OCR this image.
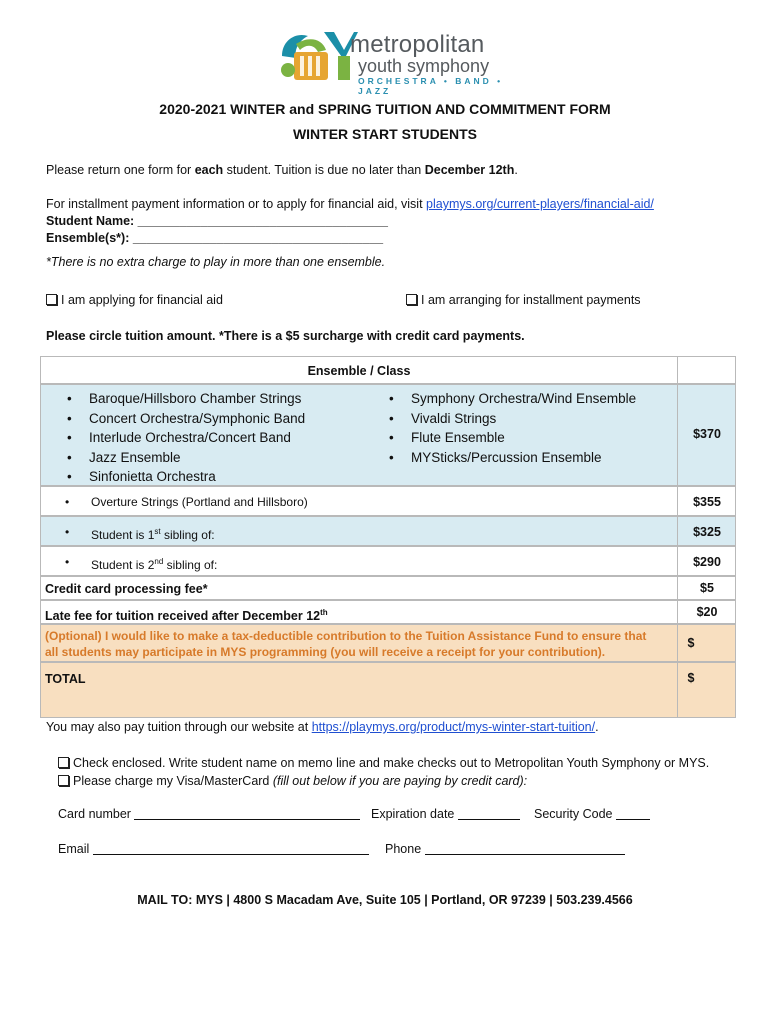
metropolitan
youth symphony
ORCHESTRA • BAND • JAZZ
2020-2021 WINTER and SPRING TUITION AND COMMITMENT FORM
WINTER START STUDENTS
Please return one form for each student. Tuition is due no later than December 12th.
For installment payment information or to apply for financial aid, visit playmys.org/current-players/financial-aid/
Student Name: ____________________________________
Ensemble(s*): ____________________________________
*There is no extra charge to play in more than one ensemble.
I am applying for financial aid	I am arranging for installment payments
Please circle tuition amount. *There is a $5 surcharge with credit card payments.
Ensemble / Class
• Baroque/Hillsboro Chamber Strings
• Concert Orchestra/Symphonic Band
• Interlude Orchestra/Concert Band
• Jazz Ensemble
• Sinfonietta Orchestra
• Symphony Orchestra/Wind Ensemble
• Vivaldi Strings
• Flute Ensemble
• MYSticks/Percussion Ensemble
$370
• Overture Strings (Portland and Hillsboro)	$355
• Student is 1st sibling of:	$325
• Student is 2nd sibling of:	$290
Credit card processing fee*	$5
Late fee for tuition received after December 12th	$20
(Optional) I would like to make a tax-deductible contribution to the Tuition Assistance Fund to ensure that
all students may participate in MYS programming (you will receive a receipt for your contribution).
$
TOTAL	$
You may also pay tuition through our website at https://playmys.org/product/mys-winter-start-tuition/.
Check enclosed. Write student name on memo line and make checks out to Metropolitan Youth Symphony or MYS.
Please charge my Visa/MasterCard (fill out below if you are paying by credit card):
Card number	Expiration date	Security Code
Email	Phone
MAIL TO: MYS | 4800 S Macadam Ave, Suite 105 | Portland, OR 97239 | 503.239.4566
